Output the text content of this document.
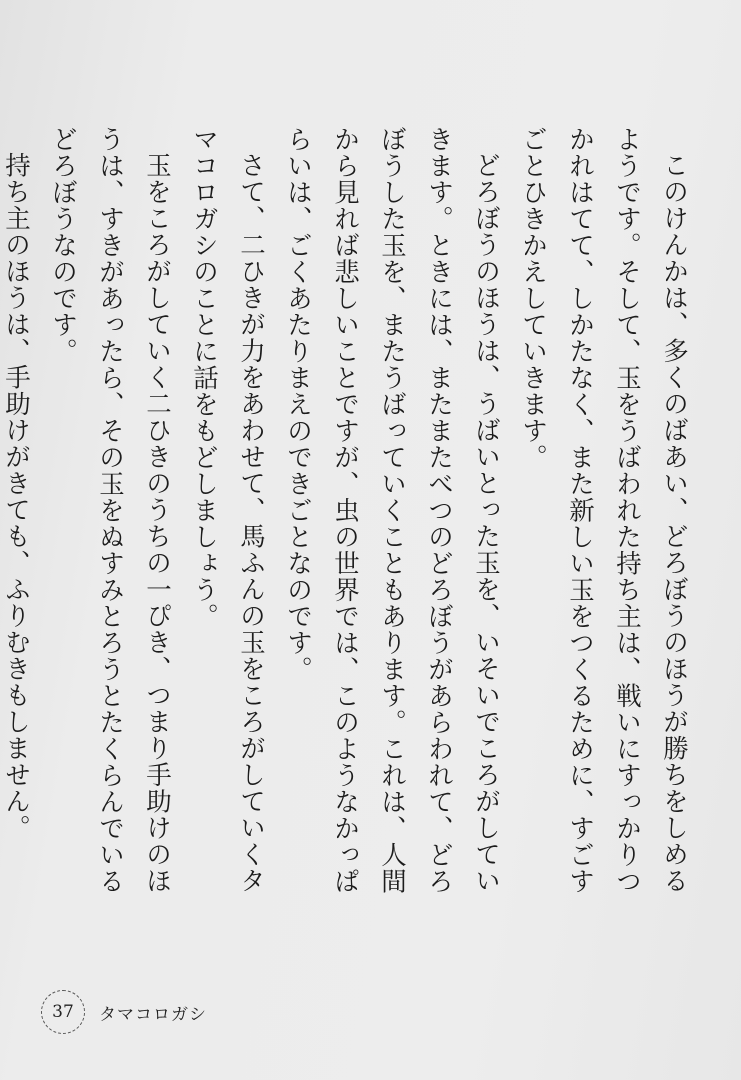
このけんかは、多くのばあい、どろぼうのほうが勝ちをしめるようです。そして、玉をうばわれた持ち主は、戦いにすっかりつかれはてて、しかたなく、また新しい玉をつくるために、すごすごとひきかえしていきます。

どろぼうのほうは、うばいとった玉を、いそいでころがしていきます。ときには、またまたべつのどろぼうがあらわれて、どろぼうした玉を、またうばっていくこともあります。これは、人間から見れば悲しいことですが、虫の世界では、このようなかっぱらいは、ごくあたりまえのできごとなのです。

さて、二ひきが力をあわせて、馬ふんの玉をころがしていくタマコロガシのことに話をもどしましょう。

玉をころがしていく二ひきのうちの一ぴき、つまり手助けのほうは、すきがあったら、その玉をぬすみとろうとたくらんでいるどろぼうなのです。

持ち主のほうは、手助けがきても、ふりむきもしません。

37	タマコロガシ
